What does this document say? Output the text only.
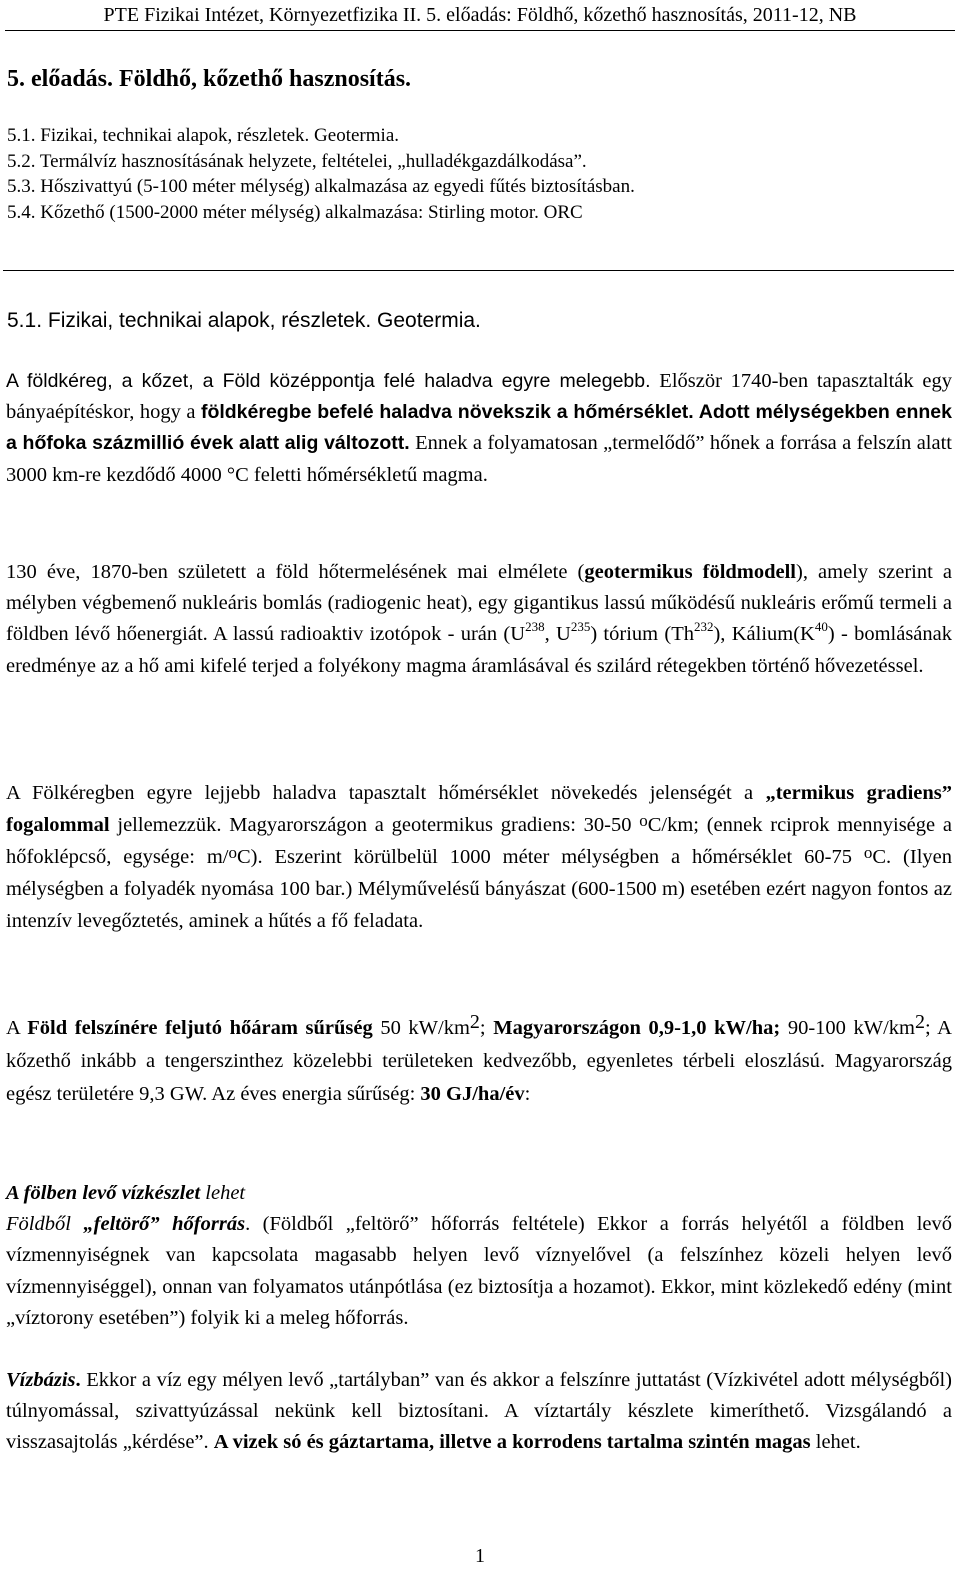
PTE Fizikai Intézet, Környezetfizika II. 5. előadás: Földhő, kőzethő hasznosítás, 2011-12, NB
5. előadás. Földhő, kőzethő hasznosítás.
5.1. Fizikai, technikai alapok, részletek. Geotermia.
5.2. Termálvíz hasznosításának helyzete, feltételei, „hulladékgazdálkodása”.
5.3. Hőszivattyú (5-100 méter mélység) alkalmazása az egyedi fűtés biztosításban.
5.4. Kőzethő (1500-2000 méter mélység) alkalmazása: Stirling motor. ORC
5.1. Fizikai, technikai alapok, részletek. Geotermia.
A földkéreg, a kőzet, a Föld középpontja felé haladva egyre melegebb. Először 1740-ben tapasztalták egy bányaépítéskor, hogy a földkéregbe befelé haladva növekszik a hőmérséklet. Adott mélységekben ennek a hőfoka százmillió évek alatt alig változott. Ennek a folyamatosan „termelődő” hőnek a forrása a felszín alatt 3000 km-re kezdődő 4000 °C feletti hőmérsékletű magma.
130 éve, 1870-ben született a föld hőtermelésének mai elmélete (geotermikus földmodell), amely szerint a mélyben végbemenő nukleáris bomlás (radiogenic heat), egy gigantikus lassú működésű nukleáris erőmű termeli a földben lévő hőenergiát. A lassú radioaktiv izotópok - urán ($U^{238}$, $U^{235}$) tórium (Th$^{232}$), $Kálium(K^{40})$ - bomlásának eredménye az a hő ami kifelé terjed a folyékony magma áramlásával és szilárd rétegekben történő hővezetéssel.
A Fölkéregben egyre lejjebb haladva tapasztalt hőmérséklet növekedés jelenségét a „termikus gradiens” fogalommal jellemezzük. Magyarországon a geotermikus gradiens: 30-50 $^o$C/km; (ennek rciprok mennyisége a hőfoklépcső, egysége: m/$^o$C). Eszerint körülbelül 1000 méter mélységben a hőmérséklet 60-75 $^o$C. (Ilyen mélységben a folyadék nyomása 100 bar.) Mélyművelésű bányászat (600-1500 m) esetében ezért nagyon fontos az intenzív levegőztetés, aminek a hűtés a fő feladata.
A Föld felszínére feljutó hőáram sűrűség 50 kW/km2; Magyarországon 0,9-1,0 kW/ha; 90-100 kW/km2; A kőzethő inkább a tengerszinthez közelebbi területeken kedvezőbb, egyenletes térbeli eloszlású. Magyarország egész területére 9,3 GW. Az éves energia sűrűség: 30 GJ/ha/év:
A fölben levő vízkészlet lehet
Földből „feltörő” hőforrás. (Földből „feltörő” hőforrás feltétele) Ekkor a forrás helyétől a földben levő vízmennyiségnek van kapcsolata magasabb helyen levő víznyelővel (a felszínhez közeli helyen levő vízmennyiséggel), onnan van folyamatos utánpótlása (ez biztosítja a hozamot). Ekkor, mint közlekedő edény (mint „víztorony esetében”) folyik ki a meleg hőforrás.
Vízbázis. Ekkor a víz egy mélyen levő „tartályban” van és akkor a felszínre juttatást (Vízkivétel adott mélységből) túlnyomással, szivattyúzással nekünk kell biztosítani. A víztartály készlete kimeríthető. Vizsgálandó a visszasajtolás „kérdése”. A vizek só és gáztartama, illetve a korrodens tartalma szintén magas lehet.
1
